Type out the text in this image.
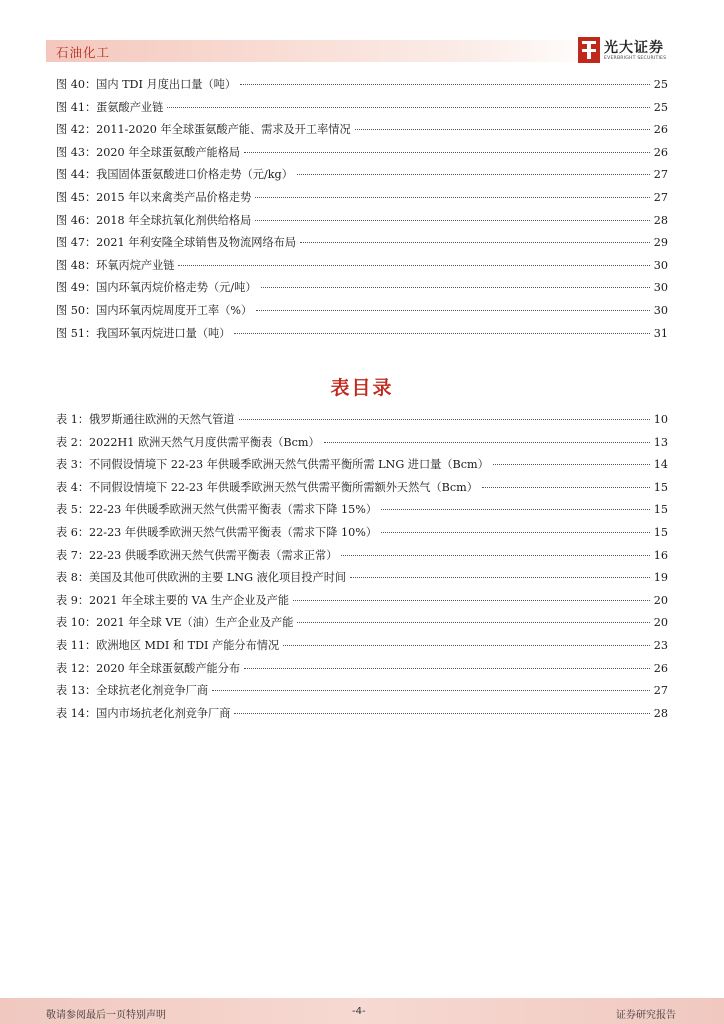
石油化工	光大证券
EVERBRIGHT SECURITIES
图 40：国内 TDI 月度出口量（吨）	25
图 41：蛋氨酸产业链	25
图 42：2011-2020 年全球蛋氨酸产能、需求及开工率情况	26
图 43：2020 年全球蛋氨酸产能格局	26
图 44：我国固体蛋氨酸进口价格走势（元/kg）	27
图 45：2015 年以来禽类产品价格走势	27
图 46：2018 年全球抗氧化剂供给格局	28
图 47：2021 年利安隆全球销售及物流网络布局	29
图 48：环氧丙烷产业链	30
图 49：国内环氧丙烷价格走势（元/吨）	30
图 50：国内环氧丙烷周度开工率（%）	30
图 51：我国环氧丙烷进口量（吨）	31
表目录
表 1：俄罗斯通往欧洲的天然气管道	10
表 2：2022H1 欧洲天然气月度供需平衡表（Bcm）	13
表 3：不同假设情境下 22-23 年供暖季欧洲天然气供需平衡所需 LNG 进口量（Bcm）	14
表 4：不同假设情境下 22-23 年供暖季欧洲天然气供需平衡所需额外天然气（Bcm）	15
表 5：22-23 年供暖季欧洲天然气供需平衡表（需求下降 15%）	15
表 6：22-23 年供暖季欧洲天然气供需平衡表（需求下降 10%）	15
表 7：22-23 供暖季欧洲天然气供需平衡表（需求正常）	16
表 8：美国及其他可供欧洲的主要 LNG 液化项目投产时间	19
表 9：2021 年全球主要的 VA 生产企业及产能	20
表 10：2021 年全球 VE（油）生产企业及产能	20
表 11：欧洲地区 MDI 和 TDI 产能分布情况	23
表 12：2020 年全球蛋氨酸产能分布	26
表 13：全球抗老化剂竞争厂商	27
表 14：国内市场抗老化剂竞争厂商	28
敬请参阅最后一页特别声明	-4-	证券研究报告
